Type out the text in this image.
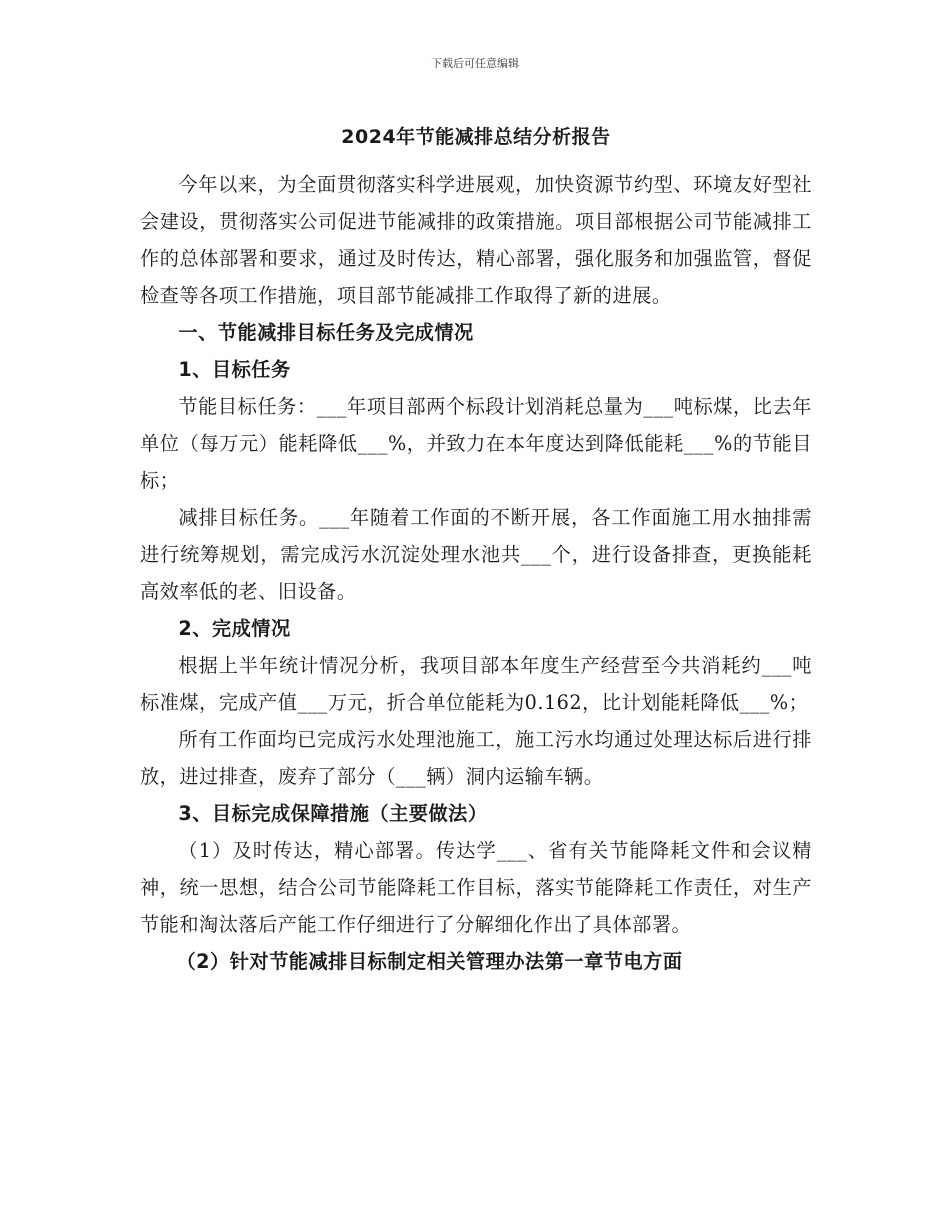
下载后可任意编辑
2024年节能减排总结分析报告

今年以来，为全面贯彻落实科学进展观，加快资源节约型、环境友好型社会建设，贯彻落实公司促进节能减排的政策措施。项目部根据公司节能减排工作的总体部署和要求，通过及时传达，精心部署，强化服务和加强监管，督促检查等各项工作措施，项目部节能减排工作取得了新的进展。

一、节能减排目标任务及完成情况
1、目标任务

节能目标任务：___年项目部两个标段计划消耗总量为___吨标煤，比去年单位（每万元）能耗降低___%，并致力在本年度达到降低能耗___%的节能目标；

减排目标任务。___年随着工作面的不断开展，各工作面施工用水抽排需进行统筹规划，需完成污水沉淀处理水池共___个，进行设备排查，更换能耗高效率低的老、旧设备。

2、完成情况

根据上半年统计情况分析，我项目部本年度生产经营至今共消耗约___吨标准煤，完成产值___万元，折合单位能耗为0.162，比计划能耗降低___%；

所有工作面均已完成污水处理池施工，施工污水均通过处理达标后进行排放，进过排查，废弃了部分（___辆）洞内运输车辆。

3、目标完成保障措施（主要做法）

（1）及时传达，精心部署。传达学___、省有关节能降耗文件和会议精神，统一思想，结合公司节能降耗工作目标，落实节能降耗工作责任，对生产节能和淘汰落后产能工作仔细进行了分解细化作出了具体部署。

（2）针对节能减排目标制定相关管理办法第一章节电方面
